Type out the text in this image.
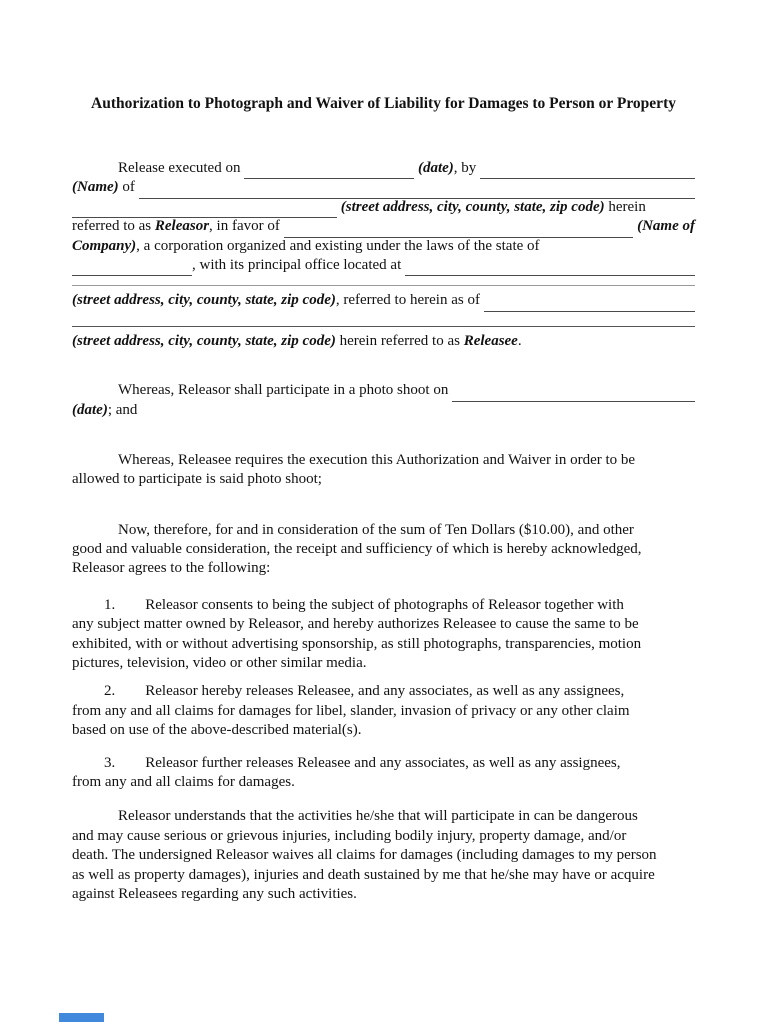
Authorization to Photograph and Waiver of Liability for Damages to Person or Property
Release executed on
	(date) , by
(Name) of

(street address, city, county, state, zip code) herein
referred to as Releasor , in favor of
	(Name of
Company) , a corporation organized and existing under the laws of the state of
, with its principal office located at
(street address, city, county, state, zip code) , referred to herein as of
(street address, city, county, state, zip code) herein referred to as Releasee .
Whereas, Releasor shall participate in a photo shoot on
(date) ; and
Whereas, Releasee requires the execution this Authorization and Waiver in order to be
allowed to participate is said photo shoot;
Now, therefore, for and in consideration of the sum of Ten Dollars ($10.00), and other
good and valuable consideration, the receipt and sufficiency of which is hereby acknowledged,
Releasor agrees to the following:
1. Releasor consents to being the subject of photographs of Releasor together with
any subject matter owned by Releasor, and hereby authorizes Releasee to cause the same to be
exhibited, with or without advertising sponsorship, as still photographs, transparencies, motion
pictures, television, video or other similar media.
2. Releasor hereby releases Releasee, and any associates, as well as any assignees,
from any and all claims for damages for libel, slander, invasion of privacy or any other claim
based on use of the above-described material(s).
3. Releasor further releases Releasee and any associates, as well as any assignees,
from any and all claims for damages.
Releasor understands that the activities he/she that will participate in can be dangerous
and may cause serious or grievous injuries, including bodily injury, property damage, and/or
death. The undersigned Releasor waives all claims for damages (including damages to my person
as well as property damages), injuries and death sustained by me that he/she may have or acquire
against Releasees regarding any such activities.
